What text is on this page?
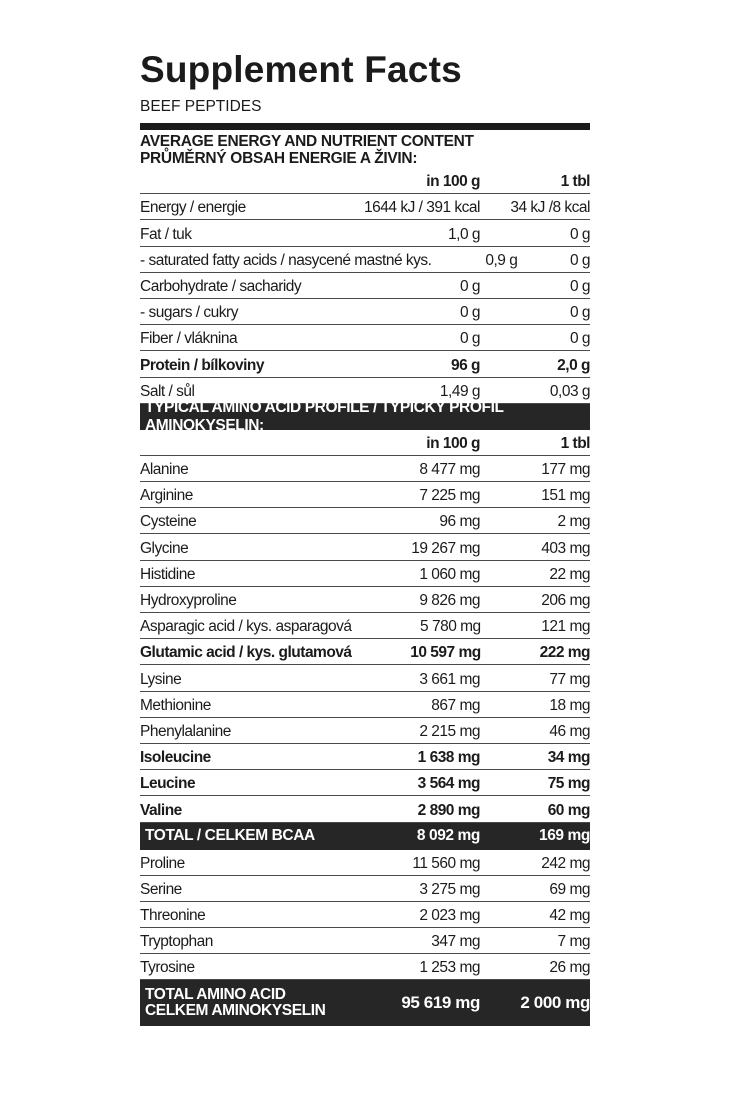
Supplement Facts
BEEF PEPTIDES
AVERAGE ENERGY AND NUTRIENT CONTENT
PRŮMĚRNÝ OBSAH ENERGIE A ŽIVIN:
in 100 g	1 tbl
Energy / energie	1644 kJ / 391 kcal	34 kJ /8 kcal
Fat / tuk	1,0 g	0 g
- saturated fatty acids / nasycené mastné kys.	0,9 g	0 g
Carbohydrate / sacharidy	0 g	0 g
- sugars / cukry	0 g	0 g
Fiber / vláknina	0 g	0 g
Protein / bílkoviny	96 g	2,0 g
Salt / sůl	1,49 g	0,03 g
TYPICAL AMINO ACID PROFILE / TYPICKÝ PROFIL AMINOKYSELIN:
in 100 g	1 tbl
Alanine	8 477 mg	177 mg
Arginine	7 225 mg	151 mg
Cysteine	96 mg	2 mg
Glycine	19 267 mg	403 mg
Histidine	1 060 mg	22 mg
Hydroxyproline	9 826 mg	206 mg
Asparagic acid / kys. asparagová	5 780 mg	121 mg
Glutamic acid / kys. glutamová	10 597 mg	222 mg
Lysine	3 661 mg	77 mg
Methionine	867 mg	18 mg
Phenylalanine	2 215 mg	46 mg
Isoleucine	1 638 mg	34 mg
Leucine	3 564 mg	75 mg
Valine	2 890 mg	60 mg
TOTAL / CELKEM BCAA	8 092 mg	169 mg
Proline	11 560 mg	242 mg
Serine	3 275 mg	69 mg
Threonine	2 023 mg	42 mg
Tryptophan	347 mg	7 mg
Tyrosine	1 253 mg	26 mg
TOTAL AMINO ACID
CELKEM AMINOKYSELIN	95 619 mg	2 000 mg
